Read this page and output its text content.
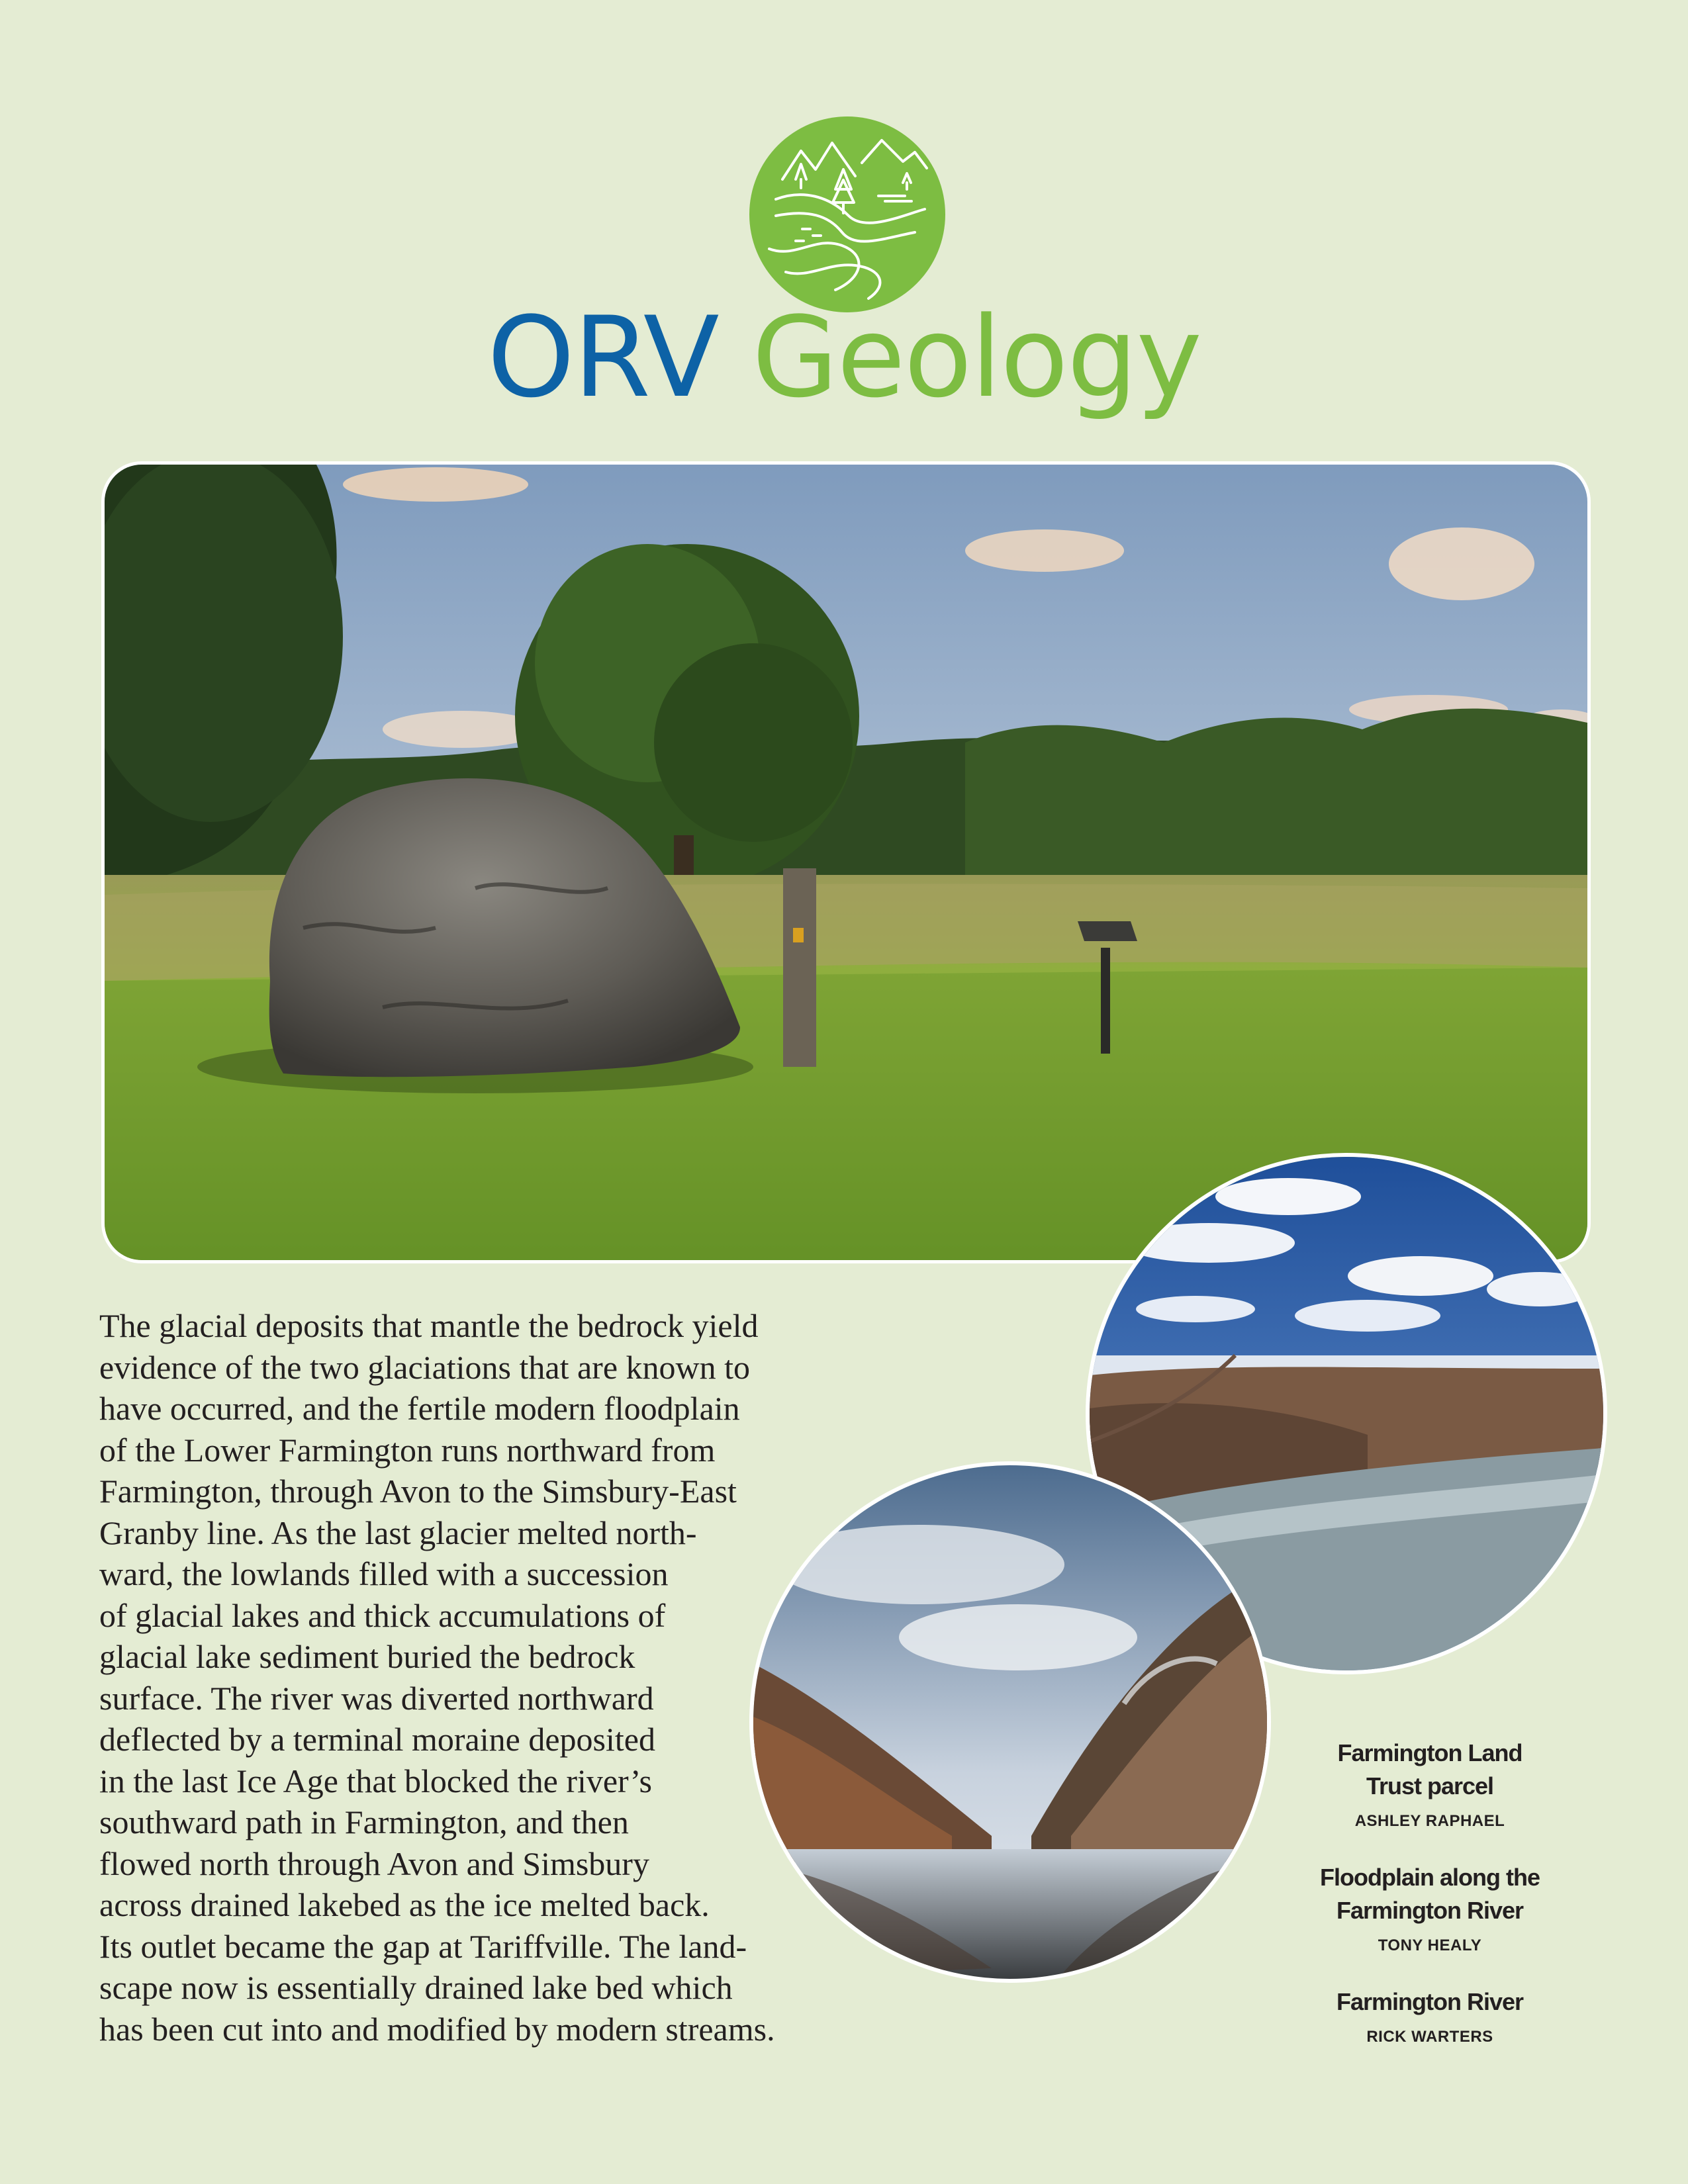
ORV Geology
The glacial deposits that mantle the bedrock yield
evidence of the two glaciations that are known to
have occurred, and the fertile modern floodplain
of the Lower Farmington runs northward from
Farmington, through Avon to the Simsbury-East
Granby line. As the last glacier melted north-
ward, the lowlands filled with a succession
of glacial lakes and thick accumulations of
glacial lake sediment buried the bedrock
surface. The river was diverted northward
deflected by a terminal moraine deposited
in the last Ice Age that blocked the river’s
southward path in Farmington, and then
flowed north through Avon and Simsbury
across drained lakebed as the ice melted back.
Its outlet became the gap at Tariffville. The land-
scape now is essentially drained lake bed which
has been cut into and modified by modern streams.
Farmington Land
Trust parcel
ASHLEY RAPHAEL
Floodplain along the
Farmington River
TONY HEALY
Farmington River
RICK WARTERS
